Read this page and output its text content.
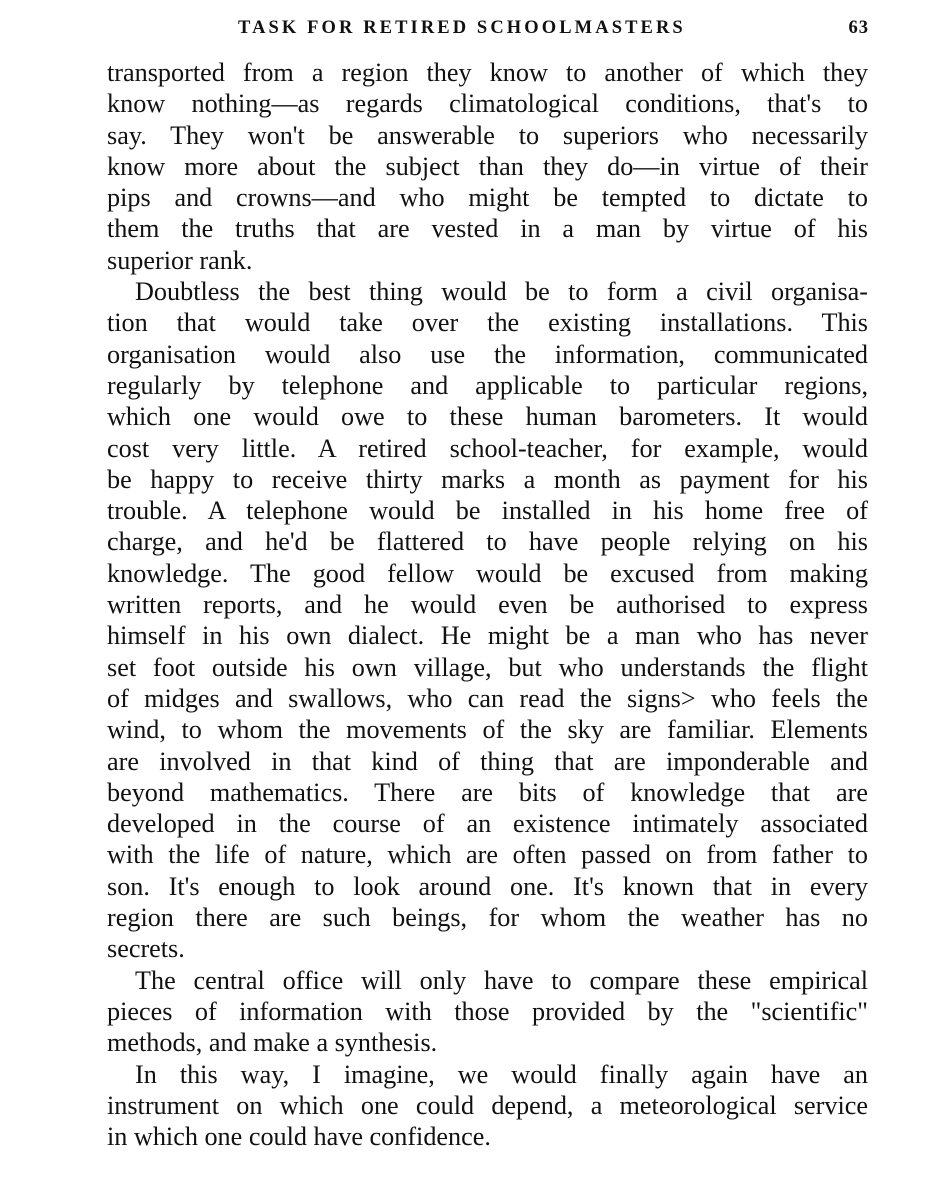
TASK FOR RETIRED SCHOOLMASTERS	63
transported from a region they know to another of which they
know nothing—as regards climatological conditions, that's to
say. They won't be answerable to superiors who necessarily
know more about the subject than they do—in virtue of their
pips and crowns—and who might be tempted to dictate to
them the truths that are vested in a man by virtue of his
superior rank.
Doubtless the best thing would be to form a civil organisa-
tion that would take over the existing installations. This
organisation would also use the information, communicated
regularly by telephone and applicable to particular regions,
which one would owe to these human barometers. It would
cost very little. A retired school-teacher, for example, would
be happy to receive thirty marks a month as payment for his
trouble. A telephone would be installed in his home free of
charge, and he'd be flattered to have people relying on his
knowledge. The good fellow would be excused from making
written reports, and he would even be authorised to express
himself in his own dialect. He might be a man who has never
set foot outside his own village, but who understands the flight
of midges and swallows, who can read the signs> who feels the
wind, to whom the movements of the sky are familiar. Elements
are involved in that kind of thing that are imponderable and
beyond mathematics. There are bits of knowledge that are
developed in the course of an existence intimately associated
with the life of nature, which are often passed on from father to
son. It's enough to look around one. It's known that in every
region there are such beings, for whom the weather has no
secrets.
The central office will only have to compare these empirical
pieces of information with those provided by the "scientific"
methods, and make a synthesis.
In this way, I imagine, we would finally again have an
instrument on which one could depend, a meteorological service
in which one could have confidence.
